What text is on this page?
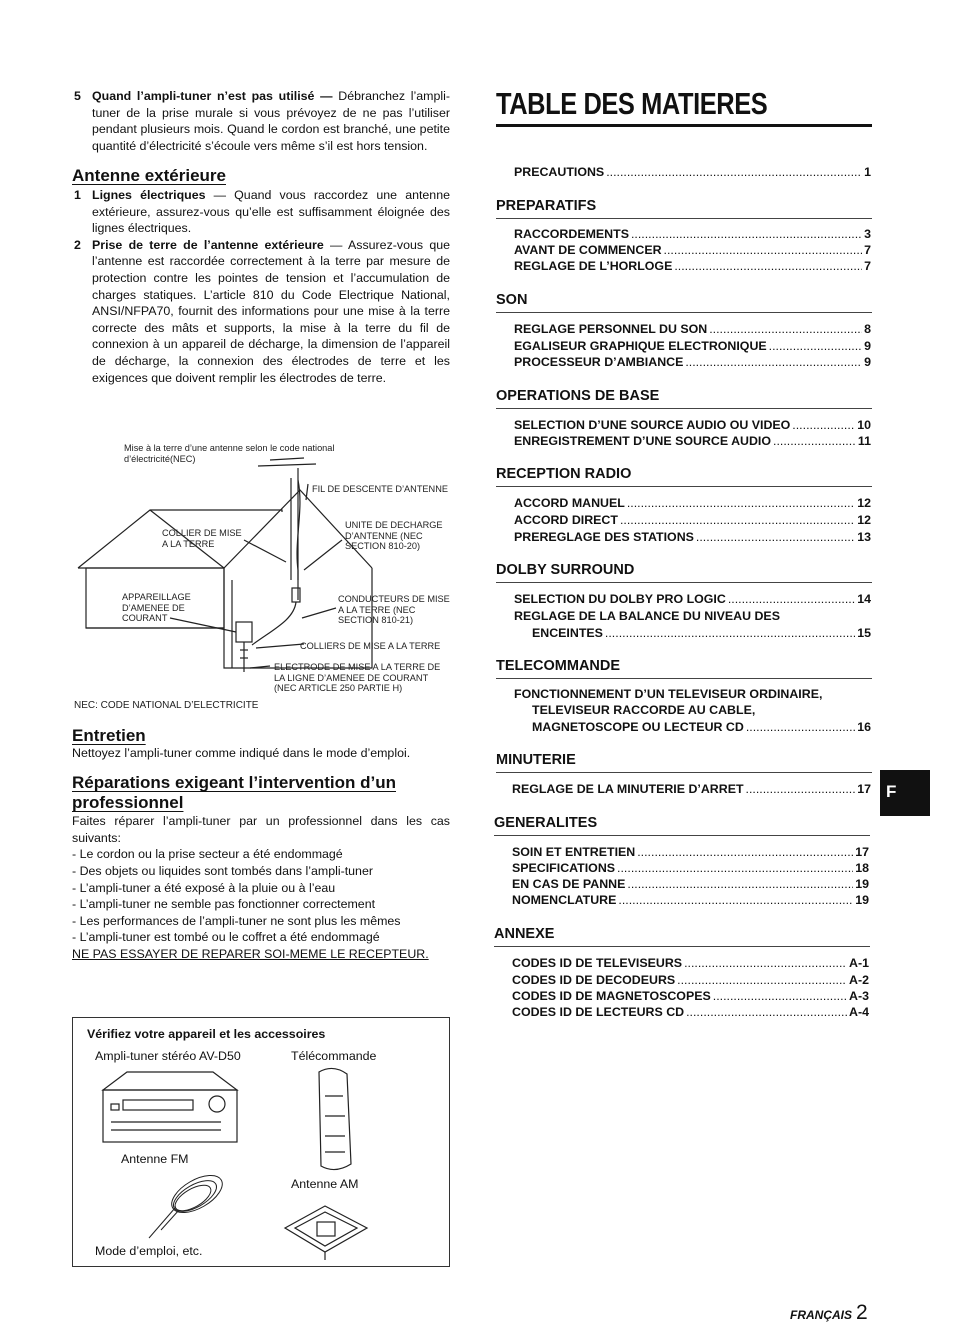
5 Quand l’ampli-tuner n’est pas utilisé — Débranchez l’ampli-tuner de la prise murale si vous prévoyez de ne pas l’utiliser pendant plusieurs mois. Quand le cordon est branché, une petite quantité d’électricité s’écoule vers même s’il est hors tension.

Antenne extérieure

1 Lignes électriques — Quand vous raccordez une antenne extérieure, assurez-vous qu’elle est suffisamment éloignée des lignes électriques.

2 Prise de terre de l’antenne extérieure — Assurez-vous que l’antenne est raccordée correctement à la terre par mesure de protection contre les pointes de tension et l’accumulation de charges statiques. L’article 810 du Code Electrique National, ANSI/NFPA70, fournit des informations pour une mise à la terre correcte des mâts et supports, la mise à la terre du fil de connexion à un appareil de décharge, la dimension de l’appareil de décharge, la connexion des électrodes de terre et les exigences que doivent remplir les électrodes de terre.

Mise à la terre d’une antenne selon le code national d’électricité(NEC)
FIL DE DESCENTE D’ANTENNE
COLLIER DE MISE A LA TERRE
UNITE DE DECHARGE D’ANTENNE (NEC SECTION 810-20)
APPAREILLAGE D’AMENEE DE COURANT
CONDUCTEURS DE MISE A LA TERRE (NEC SECTION 810-21)
COLLIERS DE MISE A LA TERRE
ELECTRODE DE MISE A LA TERRE DE LA LIGNE D’AMENEE DE COURANT (NEC ARTICLE 250 PARTIE H)
NEC: CODE NATIONAL D’ELECTRICITE

Entretien

Nettoyez l’ampli-tuner comme indiqué dans le mode d’emploi.

Réparations exigeant l’intervention d’un professionnel

Faites réparer l’ampli-tuner par un professionnel dans les cas suivants:

- Le cordon ou la prise secteur a été endommagé
- Des objets ou liquides sont tombés dans l’ampli-tuner
- L’ampli-tuner a été exposé à la pluie ou à l’eau
- L’ampli-tuner ne semble pas fonctionner correctement
- Les performances de l’ampli-tuner ne sont plus les mêmes
- L’ampli-tuner est tombé ou le coffret a été endommagé

NE PAS ESSAYER DE REPARER SOI-MEME LE RECEPTEUR.

Vérifiez votre appareil et les accessoires
Ampli-tuner stéréo AV-D50	Télécommande
Antenne FM
Antenne AM
Mode d’emploi, etc.
TABLE DES MATIERES
PRECAUTIONS .....	1
PREPARATIFS
RACCORDEMENTS .....	3
AVANT DE COMMENCER .....	7
REGLAGE DE L’HORLOGE .....	7
SON
REGLAGE PERSONNEL DU SON .....	8
EGALISEUR GRAPHIQUE ELECTRONIQUE .....	9
PROCESSEUR D’AMBIANCE .....	9
OPERATIONS DE BASE
SELECTION D’UNE SOURCE AUDIO OU VIDEO .....	10
ENREGISTREMENT D’UNE SOURCE AUDIO .....	11
RECEPTION RADIO
ACCORD MANUEL .....	12
ACCORD DIRECT .....	12
PREREGLAGE DES STATIONS .....	13
DOLBY SURROUND
SELECTION DU DOLBY PRO LOGIC .....	14
REGLAGE DE LA BALANCE DU NIVEAU DES
ENCEINTES .....	15
TELECOMMANDE
FONCTIONNEMENT D’UN TELEVISEUR ORDINAIRE,
TELEVISEUR RACCORDE AU CABLE,
MAGNETOSCOPE OU LECTEUR CD .....	16
MINUTERIE
REGLAGE DE LA MINUTERIE D’ARRET .....	17
GENERALITES
SOIN ET ENTRETIEN .....	17
SPECIFICATIONS .....	18
EN CAS DE PANNE .....	19
NOMENCLATURE .....	19
ANNEXE
CODES ID DE TELEVISEURS .....	A-1
CODES ID DE DECODEURS .....	A-2
CODES ID DE MAGNETOSCOPES .....	A-3
CODES ID DE LECTEURS CD .....	A-4
F
FRANÇAIS 2
